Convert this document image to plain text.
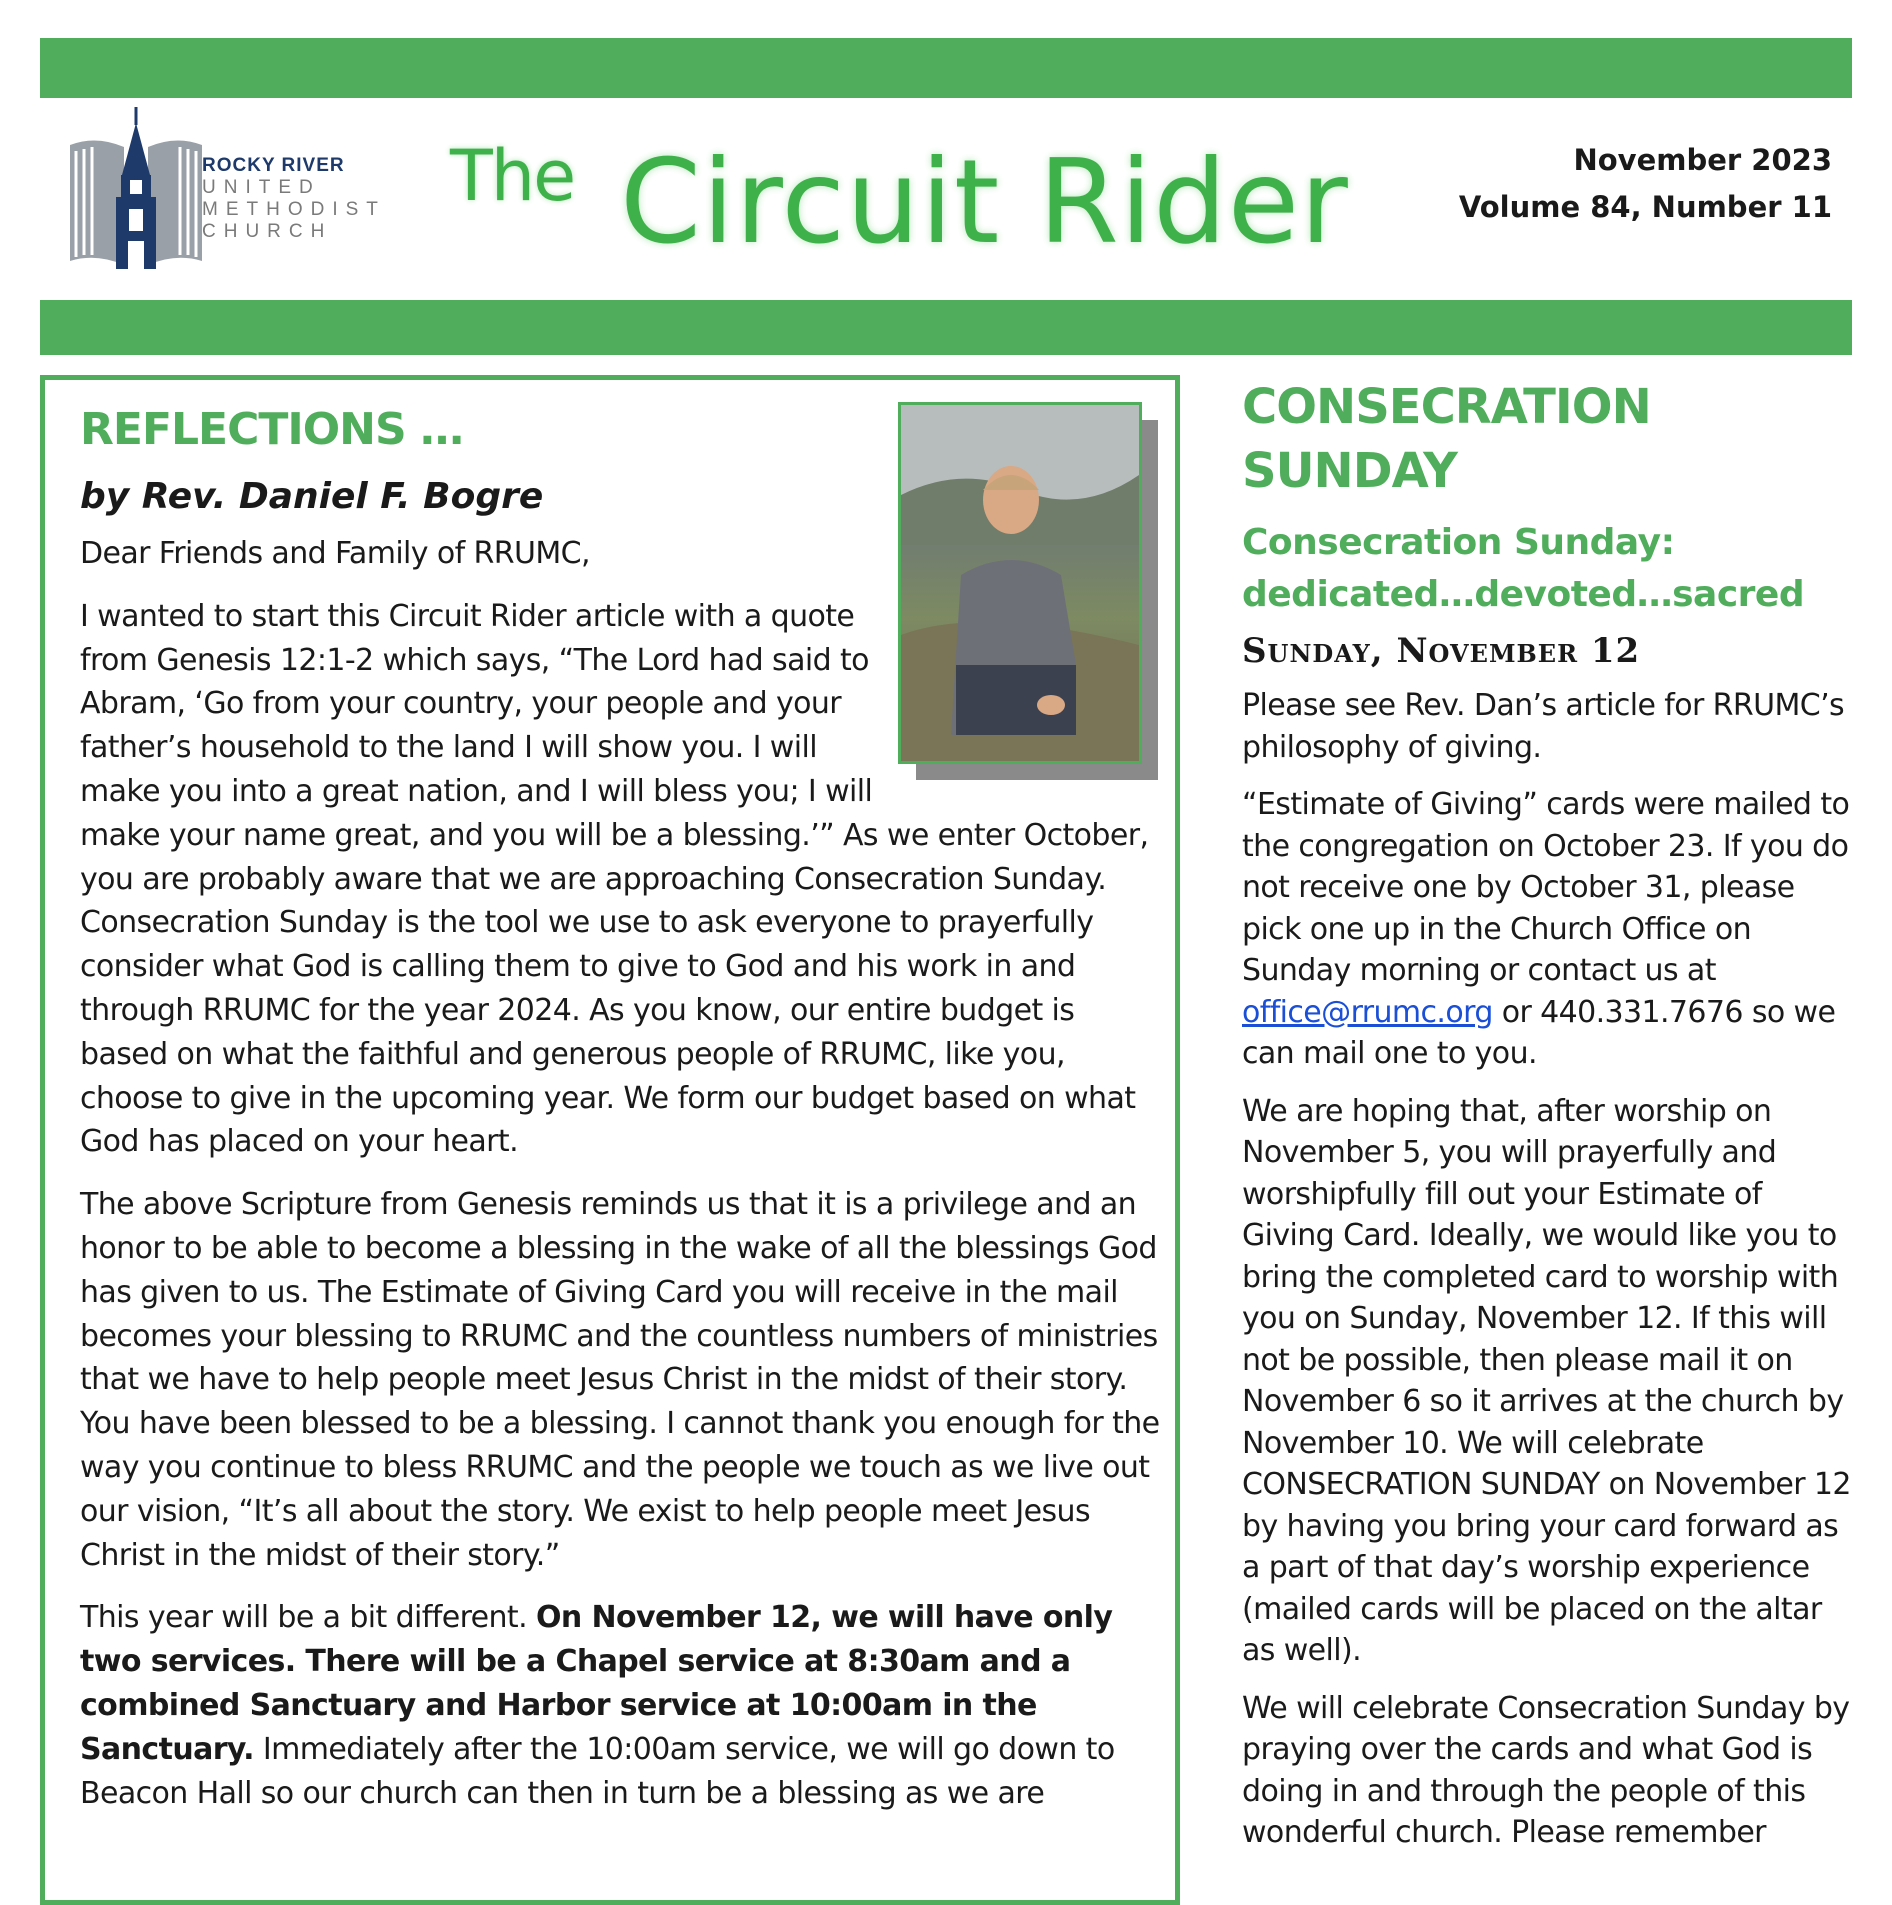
ROCKY RIVER
UNITED
METHODIST
CHURCH
The Circuit Rider	November 2023
Volume 84, Number 11
REFLECTIONS …
by Rev. Daniel F. Bogre

Dear Friends and Family of RRUMC,

I wanted to start this Circuit Rider article with a quote from Genesis 12:1-2 which says, “The Lord had said to Abram, ‘Go from your country, your people and your father’s household to the land I will show you. I will make you into a great nation, and I will bless you; I will make your name great, and you will be a blessing.’” As we enter October, you are probably aware that we are approaching Consecration Sunday. Consecration Sunday is the tool we use to ask everyone to prayerfully consider what God is calling them to give to God and his work in and through RRUMC for the year 2024. As you know, our entire budget is based on what the faithful and generous people of RRUMC, like you, choose to give in the upcoming year. We form our budget based on what God has placed on your heart.

The above Scripture from Genesis reminds us that it is a privilege and an honor to be able to become a blessing in the wake of all the blessings God has given to us. The Estimate of Giving Card you will receive in the mail becomes your blessing to RRUMC and the countless numbers of ministries that we have to help people meet Jesus Christ in the midst of their story. You have been blessed to be a blessing. I cannot thank you enough for the way you continue to bless RRUMC and the people we touch as we live out our vision, “It’s all about the story. We exist to help people meet Jesus Christ in the midst of their story.”

This year will be a bit different. On November 12, we will have only two services. There will be a Chapel service at 8:30am and a combined Sanctuary and Harbor service at 10:00am in the Sanctuary. Immediately after the 10:00am service, we will go down to Beacon Hall so our church can then in turn be a blessing as we are

CONSECRATION SUNDAY
Consecration Sunday: dedicated…devoted…sacred
Sunday, November 12

Please see Rev. Dan’s article for RRUMC’s philosophy of giving.

“Estimate of Giving” cards were mailed to the congregation on October 23. If you do not receive one by October 31, please pick one up in the Church Office on Sunday morning or contact us at office@rrumc.org or 440.331.7676 so we can mail one to you.

We are hoping that, after worship on November 5, you will prayerfully and worshipfully fill out your Estimate of Giving Card. Ideally, we would like you to bring the completed card to worship with you on Sunday, November 12. If this will not be possible, then please mail it on November 6 so it arrives at the church by November 10. We will celebrate CONSECRATION SUNDAY on November 12 by having you bring your card forward as a part of that day’s worship experience (mailed cards will be placed on the altar as well).

We will celebrate Consecration Sunday by praying over the cards and what God is doing in and through the people of this wonderful church. Please remember
